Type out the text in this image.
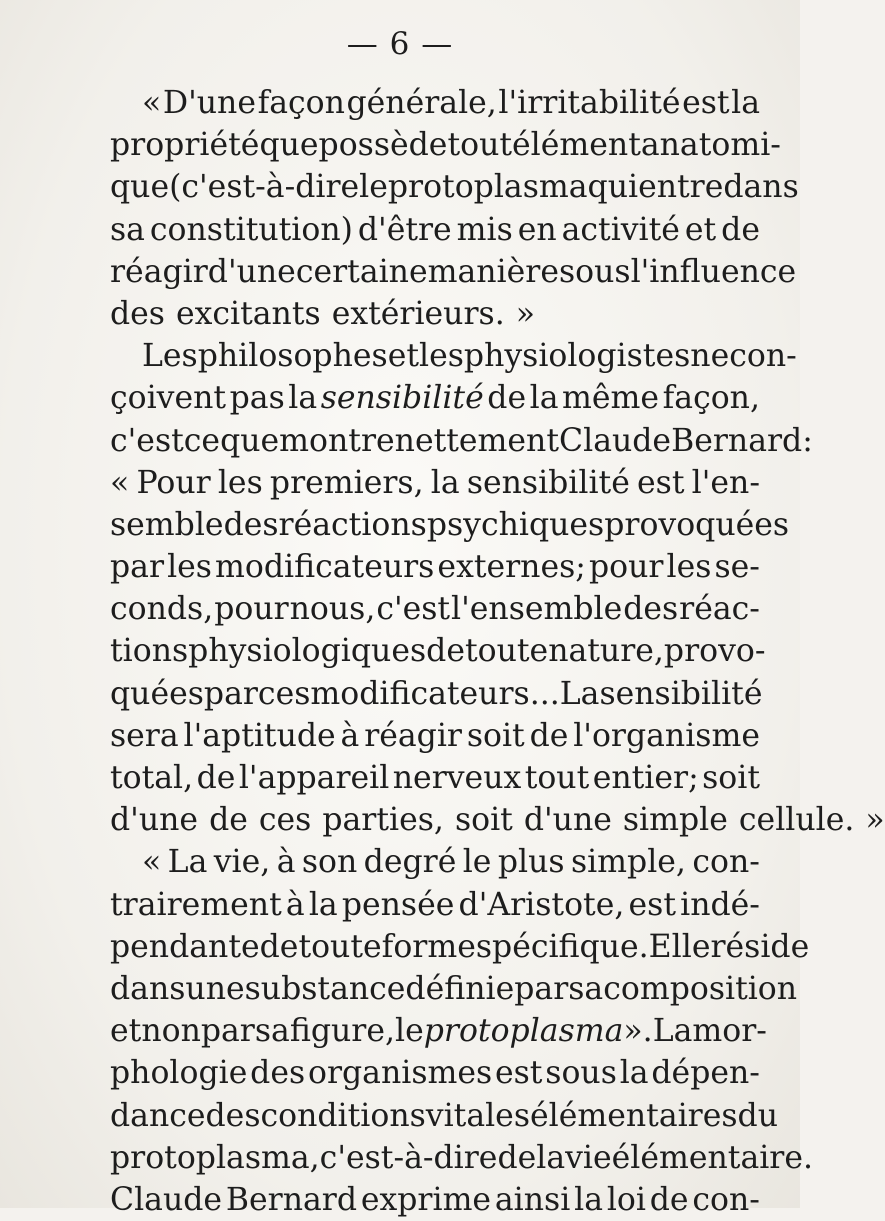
— 6 —
« D'une façon générale, l'irritabilité est la
propriété que possède tout élément anatomi-
que (c'est-à-dire le protoplasma qui entre dans
sa constitution) d'être mis en activité et de
réagir d'une certaine manière sous l'influence
des excitants extérieurs. »
Les philosophes et les physiologistes ne con-
çoivent pas la sensibilité de la même façon,
c'est ce que montre nettement Claude Bernard :
« Pour les premiers, la sensibilité est l'en-
semble des réactions psychiques provoquées
par les modificateurs externes; pour les se-
conds, pour nous, c'est l'ensemble des réac-
tions physiologiques de toute nature, provo-
quées par ces modificateurs... La sensibilité
sera l'aptitude à réagir soit de l'organisme
total, de l'appareil nerveux tout entier; soit
d'une de ces parties, soit d'une simple cellule. »
« La vie, à son degré le plus simple, con-
trairement à la pensée d'Aristote, est indé-
pendante de toute forme spécifique. Elle réside
dans une substance définie par sa composition
et non par sa figure, le protoplasma ». La mor-
phologie des organismes est sous la dépen-
dance des conditions vitales élémentaires du
protoplasma, c'est-à-dire de la vie élémentaire.
Claude Bernard exprime ainsi la loi de con-
